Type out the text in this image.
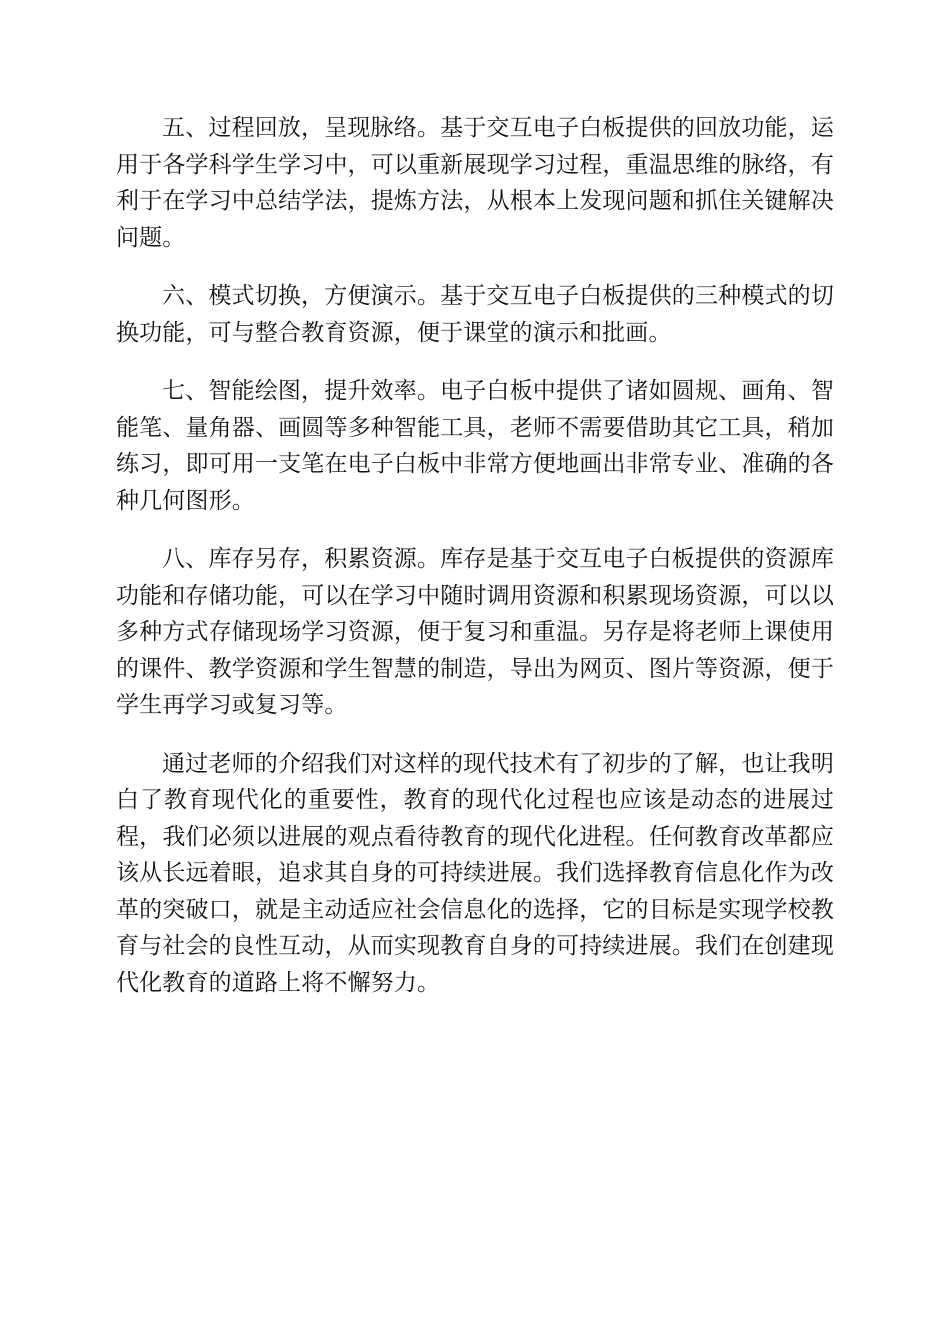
五、过程回放，呈现脉络。基于交互电子白板提供的回放功能，运用于各学科学生学习中，可以重新展现学习过程，重温思维的脉络，有利于在学习中总结学法，提炼方法，从根本上发现问题和抓住关键解决问题。

六、模式切换，方便演示。基于交互电子白板提供的三种模式的切换功能，可与整合教育资源，便于课堂的演示和批画。

七、智能绘图，提升效率。电子白板中提供了诸如圆规、画角、智能笔、量角器、画圆等多种智能工具，老师不需要借助其它工具，稍加练习，即可用一支笔在电子白板中非常方便地画出非常专业、准确的各种几何图形。

八、库存另存，积累资源。库存是基于交互电子白板提供的资源库功能和存储功能，可以在学习中随时调用资源和积累现场资源，可以以多种方式存储现场学习资源，便于复习和重温。另存是将老师上课使用的课件、教学资源和学生智慧的制造，导出为网页、图片等资源，便于学生再学习或复习等。

通过老师的介绍我们对这样的现代技术有了初步的了解，也让我明白了教育现代化的重要性，教育的现代化过程也应该是动态的进展过程，我们必须以进展的观点看待教育的现代化进程。任何教育改革都应该从长远着眼，追求其自身的可持续进展。我们选择教育信息化作为改革的突破口，就是主动适应社会信息化的选择，它的目标是实现学校教育与社会的良性互动，从而实现教育自身的可持续进展。我们在创建现代化教育的道路上将不懈努力。
